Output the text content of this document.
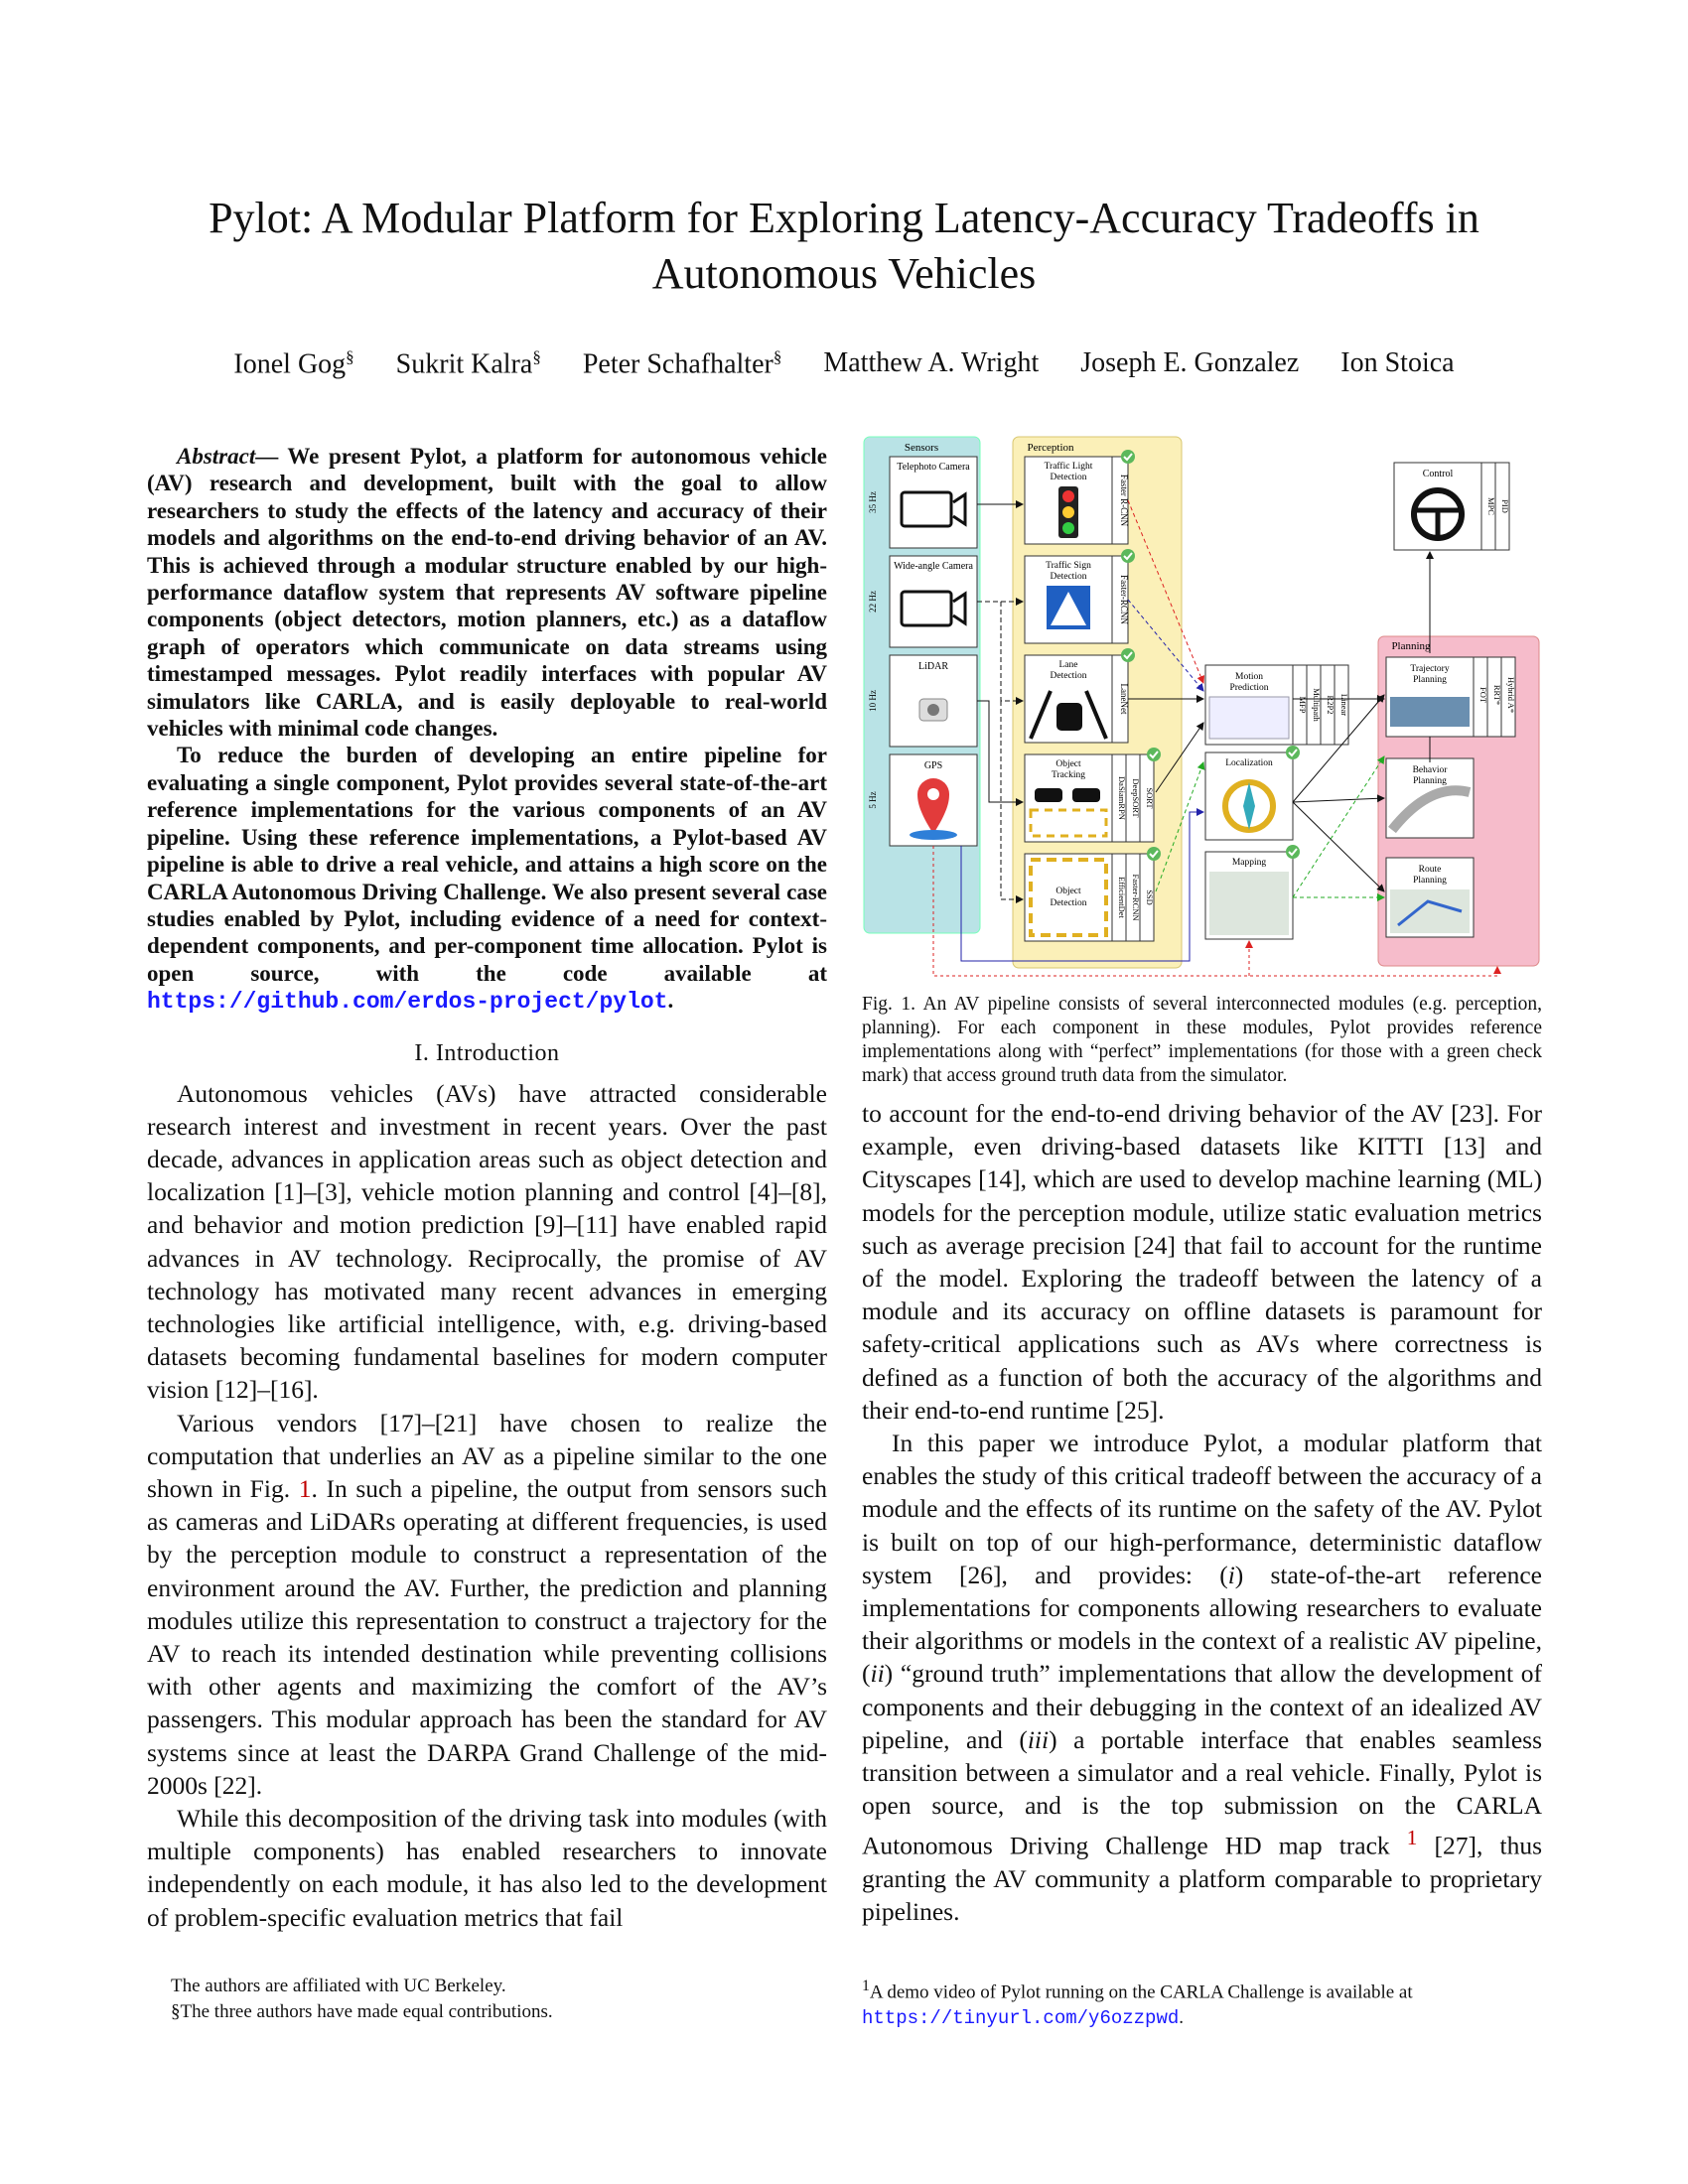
Pylot: A Modular Platform for Exploring Latency-Accuracy Tradeoffs in Autonomous Vehicles
Ionel Gog§ Sukrit Kalra§ Peter Schafhalter§ Matthew A. Wright Joseph E. Gonzalez Ion Stoica

Abstract— We present Pylot, a platform for autonomous vehicle (AV) research and development, built with the goal to allow researchers to study the effects of the latency and accuracy of their models and algorithms on the end-to-end driving behavior of an AV. This is achieved through a modular structure enabled by our high-performance dataflow system that represents AV software pipeline components (object detectors, motion planners, etc.) as a dataflow graph of operators which communicate on data streams using timestamped messages. Pylot readily interfaces with popular AV simulators like CARLA, and is easily deployable to real-world vehicles with minimal code changes.

To reduce the burden of developing an entire pipeline for evaluating a single component, Pylot provides several state-of-the-art reference implementations for the various components of an AV pipeline. Using these reference implementations, a Pylot-based AV pipeline is able to drive a real vehicle, and attains a high score on the CARLA Autonomous Driving Challenge. We also present several case studies enabled by Pylot, including evidence of a need for context-dependent components, and per-component time allocation. Pylot is open source, with the code available at https://github.com/erdos-project/pylot.

I. Introduction

Autonomous vehicles (AVs) have attracted considerable research interest and investment in recent years. Over the past decade, advances in application areas such as object detection and localization [1]–[3], vehicle motion planning and control [4]–[8], and behavior and motion prediction [9]–[11] have enabled rapid advances in AV technology. Reciprocally, the promise of AV technology has motivated many recent advances in emerging technologies like artificial intelligence, with, e.g. driving-based datasets becoming fundamental baselines for modern computer vision [12]–[16].

Various vendors [17]–[21] have chosen to realize the computation that underlies an AV as a pipeline similar to the one shown in Fig. 1. In such a pipeline, the output from sensors such as cameras and LiDARs operating at different frequencies, is used by the perception module to construct a representation of the environment around the AV. Further, the prediction and planning modules utilize this representation to construct a trajectory for the AV to reach its intended destination while preventing collisions with other agents and maximizing the comfort of the AV’s passengers. This modular approach has been the standard for AV systems since at least the DARPA Grand Challenge of the mid-2000s [22].

While this decomposition of the driving task into modules (with multiple components) has enabled researchers to innovate independently on each module, it has also led to the development of problem-specific evaluation metrics that fail

Sensors	Perception
Planning
Telephoto Camera
35 Hz
Wide-angle Camera
22 Hz
LiDAR
10 Hz
GPS
5 Hz
Traffic Light
Detection	Faster R-CNN
Traffic Sign
Detection	Faster-RCNN
Lane
Detection
LaneNet
Object
Tracking
DaSiamRPN DeepSORT SORT
Object
Detection	EfficientDet Faster-RCNN SSD
Motion
Prediction
MFP Multipath R2P2 Linear
Localization
Mapping
Trajectory
Planning
FOT RRT* Hybrid A*
Behavior
Planning
Route
Planning
Control
MPC PID
Fig. 1. An AV pipeline consists of several interconnected modules (e.g. perception, planning). For each component in these modules, Pylot provides reference implementations along with “perfect” implementations (for those with a green check mark) that access ground truth data from the simulator.

to account for the end-to-end driving behavior of the AV [23]. For example, even driving-based datasets like KITTI [13] and Cityscapes [14], which are used to develop machine learning (ML) models for the perception module, utilize static evaluation metrics such as average precision [24] that fail to account for the runtime of the model. Exploring the tradeoff between the latency of a module and its accuracy on offline datasets is paramount for safety-critical applications such as AVs where correctness is defined as a function of both the accuracy of the algorithms and their end-to-end runtime [25].

In this paper we introduce Pylot, a modular platform that enables the study of this critical tradeoff between the accuracy of a module and the effects of its runtime on the safety of the AV. Pylot is built on top of our high-performance, deterministic dataflow system [26], and provides: (i) state-of-the-art reference implementations for components allowing researchers to evaluate their algorithms or models in the context of a realistic AV pipeline, (ii) “ground truth” implementations that allow the development of components and their debugging in the context of an idealized AV pipeline, and (iii) a portable interface that enables seamless transition between a simulator and a real vehicle. Finally, Pylot is open source, and is the top submission on the CARLA Autonomous Driving Challenge HD map track $^1$ [27], thus granting the AV community a platform comparable to proprietary pipelines.

The authors are affiliated with UC Berkeley.
§The three authors have made equal contributions.
$^1$A demo video of Pylot running on the CARLA Challenge is available at https://tinyurl.com/y6ozzpwd.
